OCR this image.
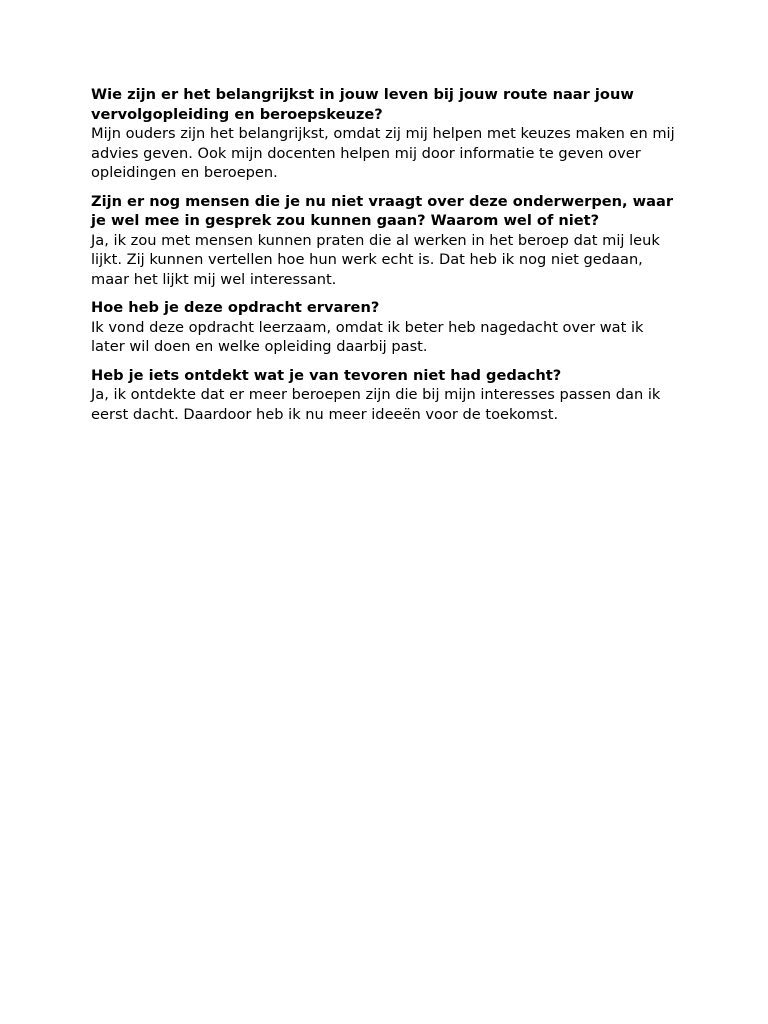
Wie zijn er het belangrijkst in jouw leven bij jouw route naar jouw vervolgopleiding en beroepskeuze?

Mijn ouders zijn het belangrijkst, omdat zij mij helpen met keuzes maken en mij advies geven. Ook mijn docenten helpen mij door informatie te geven over opleidingen en beroepen.

Zijn er nog mensen die je nu niet vraagt over deze onderwerpen, waar je wel mee in gesprek zou kunnen gaan? Waarom wel of niet?

Ja, ik zou met mensen kunnen praten die al werken in het beroep dat mij leuk lijkt. Zij kunnen vertellen hoe hun werk echt is. Dat heb ik nog niet gedaan, maar het lijkt mij wel interessant.

Hoe heb je deze opdracht ervaren?

Ik vond deze opdracht leerzaam, omdat ik beter heb nagedacht over wat ik later wil doen en welke opleiding daarbij past.

Heb je iets ontdekt wat je van tevoren niet had gedacht?

Ja, ik ontdekte dat er meer beroepen zijn die bij mijn interesses passen dan ik eerst dacht. Daardoor heb ik nu meer ideeën voor de toekomst.
